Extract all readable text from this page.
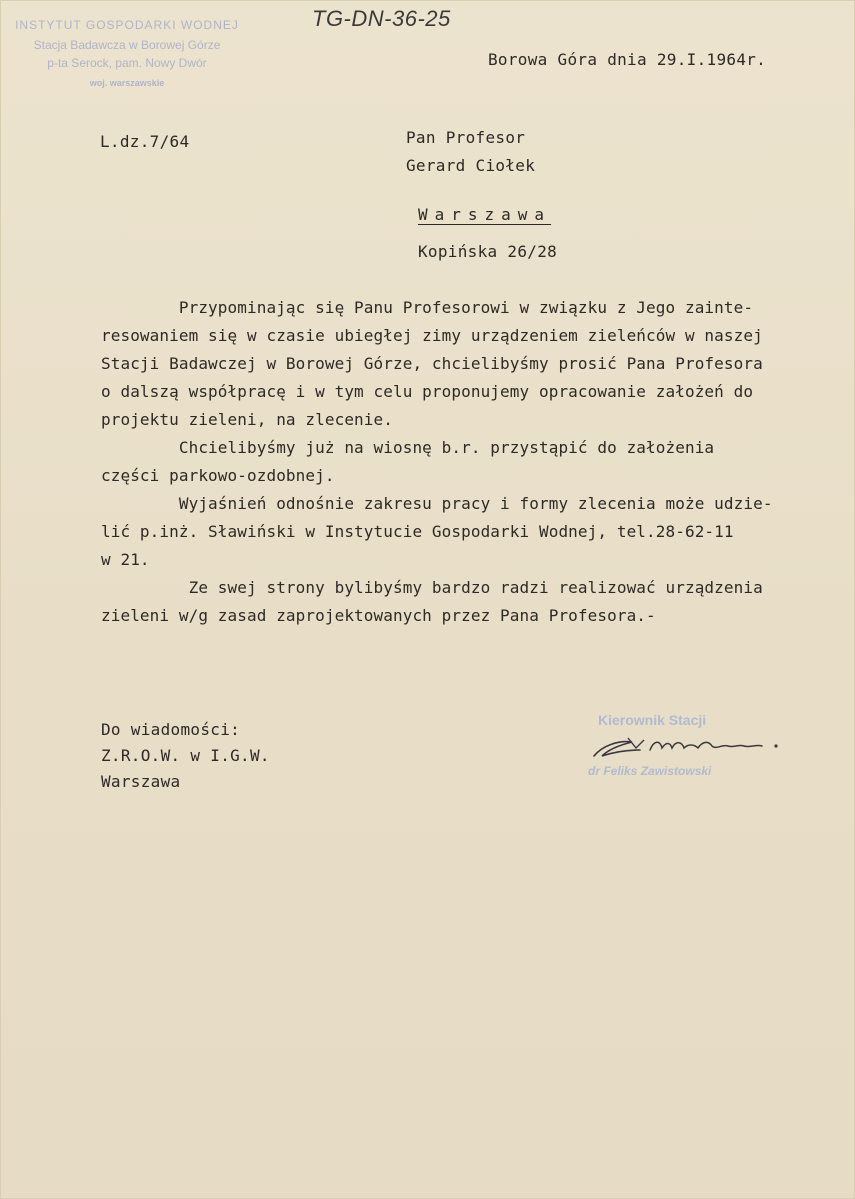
TG-DN-36-25
INSTYTUT GOSPODARKI WODNEJ
Stacja Badawcza w Borowej Górze
p-ta Serock, pam. Nowy Dwór
woj. warszawskie
Borowa Góra dnia 29.I.1964r.
L.dz.7/64	Pan Profesor
Gerard Ciołek
Warszawa
Kopińska 26/28
Przypominając się Panu Profesorowi w związku z Jego zainte-
resowaniem się w czasie ubiegłej zimy urządzeniem zieleńców w naszej
Stacji Badawczej w Borowej Górze, chcielibyśmy prosić Pana Profesora
o dalszą współpracę i w tym celu proponujemy opracowanie założeń do
projektu zieleni, na zlecenie.
Chcielibyśmy już na wiosnę b.r. przystąpić do założenia
części parkowo-ozdobnej.
Wyjaśnień odnośnie zakresu pracy i formy zlecenia może udzie-
lić p.inż. Sławiński w Instytucie Gospodarki Wodnej, tel.28-62-11
w 21.
Ze swej strony bylibyśmy bardzo radzi realizować urządzenia
zieleni w/g zasad zaprojektowanych przez Pana Profesora.-
Do wiadomości:
Z.R.O.W. w I.G.W.
Warszawa
Kierownik Stacji
dr Feliks Zawistowski
